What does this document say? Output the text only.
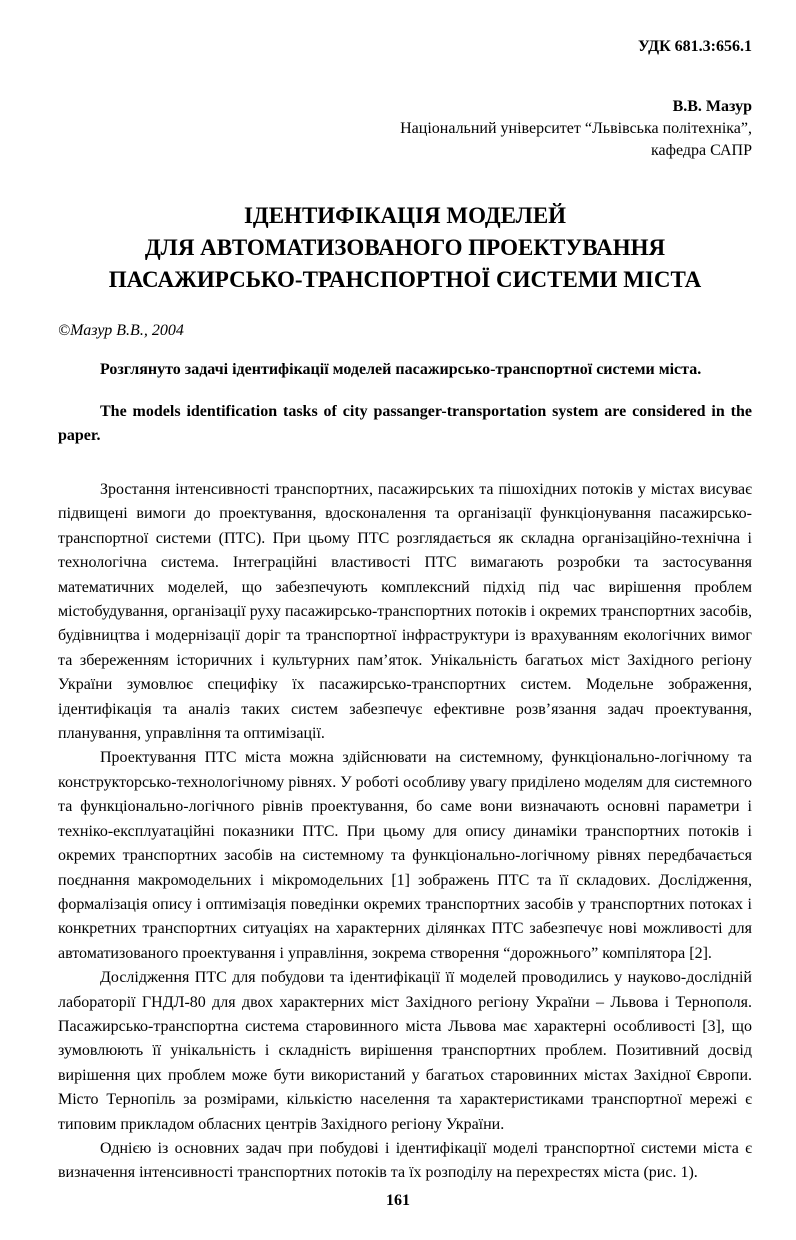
УДК 681.3:656.1

В.В. Мазур

Національний університет “Львівська політехніка”,

кафедра САПР

ІДЕНТИФІКАЦІЯ МОДЕЛЕЙ
ДЛЯ АВТОМАТИЗОВАНОГО ПРОЕКТУВАННЯ
ПАСАЖИРСЬКО-ТРАНСПОРТНОЇ СИСТЕМИ МІСТА

©Мазур В.В., 2004

Розглянуто задачі ідентифікації моделей пасажирсько-транспортної системи міста.

The models identification tasks of city passanger-transportation system are considered in the paper.

Зростання інтенсивності транспортних, пасажирських та пішохідних потоків у містах висуває підвищені вимоги до проектування, вдосконалення та організації функціонування пасажирсько-транспортної системи (ПТС). При цьому ПТС розглядається як складна організаційно-технічна і технологічна система. Інтеграційні властивості ПТС вимагають розробки та застосування математичних моделей, що забезпечують комплексний підхід під час вирішення проблем містобудування, організації руху пасажирсько-транспортних потоків і окремих транспортних засобів, будівництва і модернізації доріг та транспортної інфраструктури із врахуванням екологічних вимог та збереженням історичних і культурних пам’яток. Унікальність багатьох міст Західного регіону України зумовлює специфіку їх пасажирсько-транспортних систем. Модельне зображення, ідентифікація та аналіз таких систем забезпечує ефективне розв’язання задач проектування, планування, управління та оптимізації.

Проектування ПТС міста можна здійснювати на системному, функціонально-логічному та конструкторсько-технологічному рівнях. У роботі особливу увагу приділено моделям для системного та функціонально-логічного рівнів проектування, бо саме вони визначають основні параметри і техніко-експлуатаційні показники ПТС. При цьому для опису динаміки транспортних потоків і окремих транспортних засобів на системному та функціонально-логічному рівнях передбачається поєднання макромодельних і мікромодельних [1] зображень ПТС та її складових. Дослідження, формалізація опису і оптимізація поведінки окремих транспортних засобів у транспортних потоках і конкретних транспортних ситуаціях на характерних ділянках ПТС забезпечує нові можливості для автоматизованого проектування і управління, зокрема створення “дорожнього” компілятора [2].

Дослідження ПТС для побудови та ідентифікації її моделей проводились у науково-дослідній лабораторії ГНДЛ-80 для двох характерних міст Західного регіону України – Львова і Тернополя. Пасажирсько-транспортна система старовинного міста Львова має характерні особливості [3], що зумовлюють її унікальність і складність вирішення транспортних проблем. Позитивний досвід вирішення цих проблем може бути використаний у багатьох старовинних містах Західної Європи. Місто Тернопіль за розмірами, кількістю населення та характеристиками транспортної мережі є типовим прикладом обласних центрів Західного регіону України.

Однією із основних задач при побудові і ідентифікації моделі транспортної системи міста є визначення інтенсивності транспортних потоків та їх розподілу на перехрестях міста (рис. 1).

161
